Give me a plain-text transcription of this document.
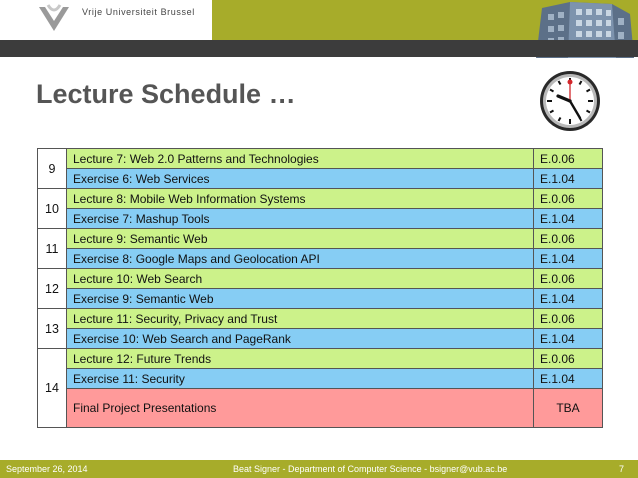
Vrije Universiteit Brussel
Lecture Schedule …
9	Lecture 7: Web 2.0 Patterns and Technologies	E.0.06
	Exercise 6: Web Services	E.1.04
10	Lecture 8: Mobile Web Information Systems	E.0.06
	Exercise 7: Mashup Tools	E.1.04
11	Lecture 9: Semantic Web	E.0.06
	Exercise 8: Google Maps and Geolocation API	E.1.04
12	Lecture 10: Web Search	E.0.06
	Exercise 9: Semantic Web	E.1.04
13	Lecture 11: Security, Privacy and Trust	E.0.06
	Exercise 10: Web Search and PageRank	E.1.04
14	Lecture 12: Future Trends	E.0.06
	Exercise 11: Security	E.1.04
	Final Project Presentations	TBA
September 26, 2014	Beat Signer - Department of Computer Science - bsigner@vub.ac.be	7
